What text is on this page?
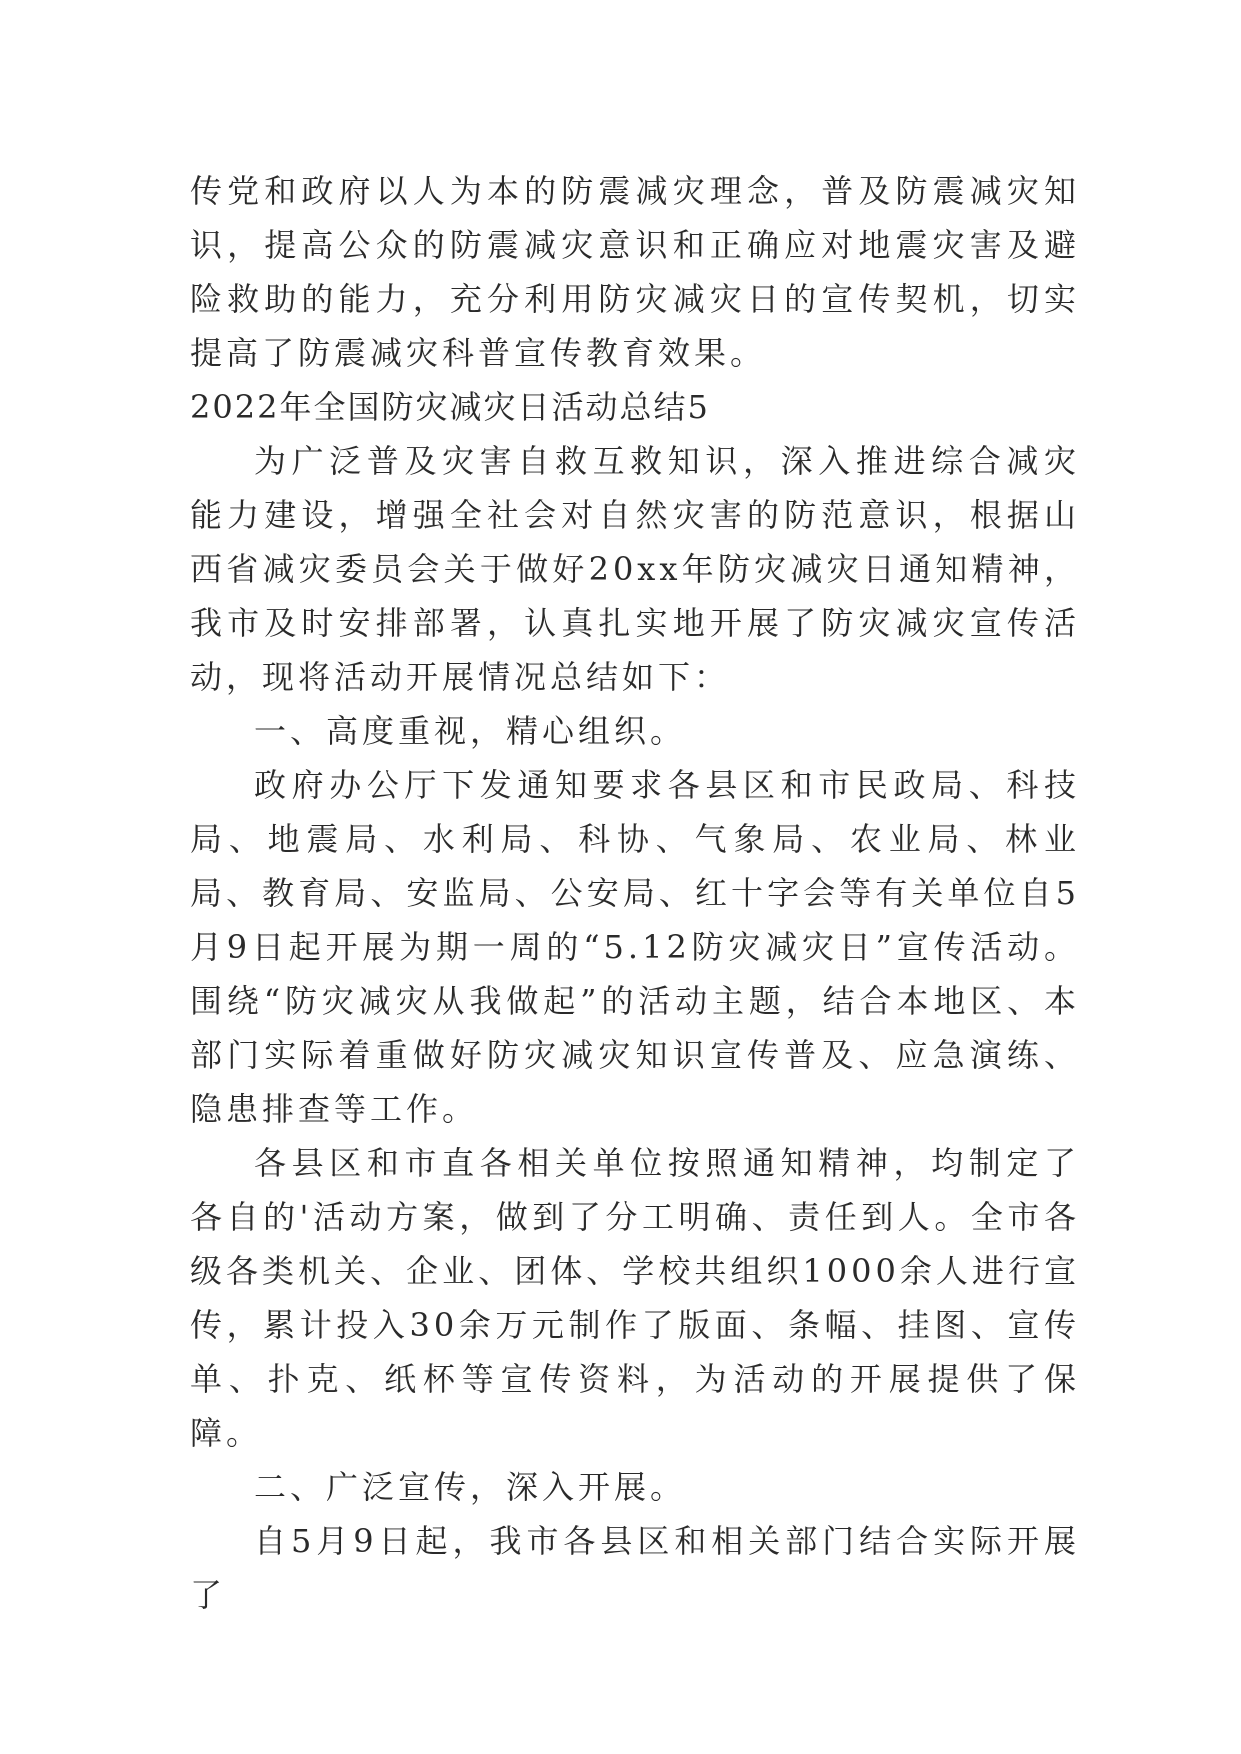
传党和政府以人为本的防震减灾理念，普及防震减灾知识，提高公众的防震减灾意识和正确应对地震灾害及避险救助的能力，充分利用防灾减灾日的宣传契机，切实提高了防震减灾科普宣传教育效果。

2022年全国防灾减灾日活动总结5

为广泛普及灾害自救互救知识，深入推进综合减灾能力建设，增强全社会对自然灾害的防范意识，根据山西省减灾委员会关于做好20xx年防灾减灾日通知精神，我市及时安排部署，认真扎实地开展了防灾减灾宣传活动，现将活动开展情况总结如下：

一、高度重视，精心组织。

政府办公厅下发通知要求各县区和市民政局、科技局、地震局、水利局、科协、气象局、农业局、林业局、教育局、安监局、公安局、红十字会等有关单位自5月9日起开展为期一周的“5.12防灾减灾日”宣传活动。围绕“防灾减灾从我做起”的活动主题，结合本地区、本部门实际着重做好防灾减灾知识宣传普及、应急演练、隐患排查等工作。

各县区和市直各相关单位按照通知精神，均制定了各自的'活动方案，做到了分工明确、责任到人。全市各级各类机关、企业、团体、学校共组织1000余人进行宣传，累计投入30余万元制作了版面、条幅、挂图、宣传单、扑克、纸杯等宣传资料，为活动的开展提供了保障。

二、广泛宣传，深入开展。

自5月9日起，我市各县区和相关部门结合实际开展了
